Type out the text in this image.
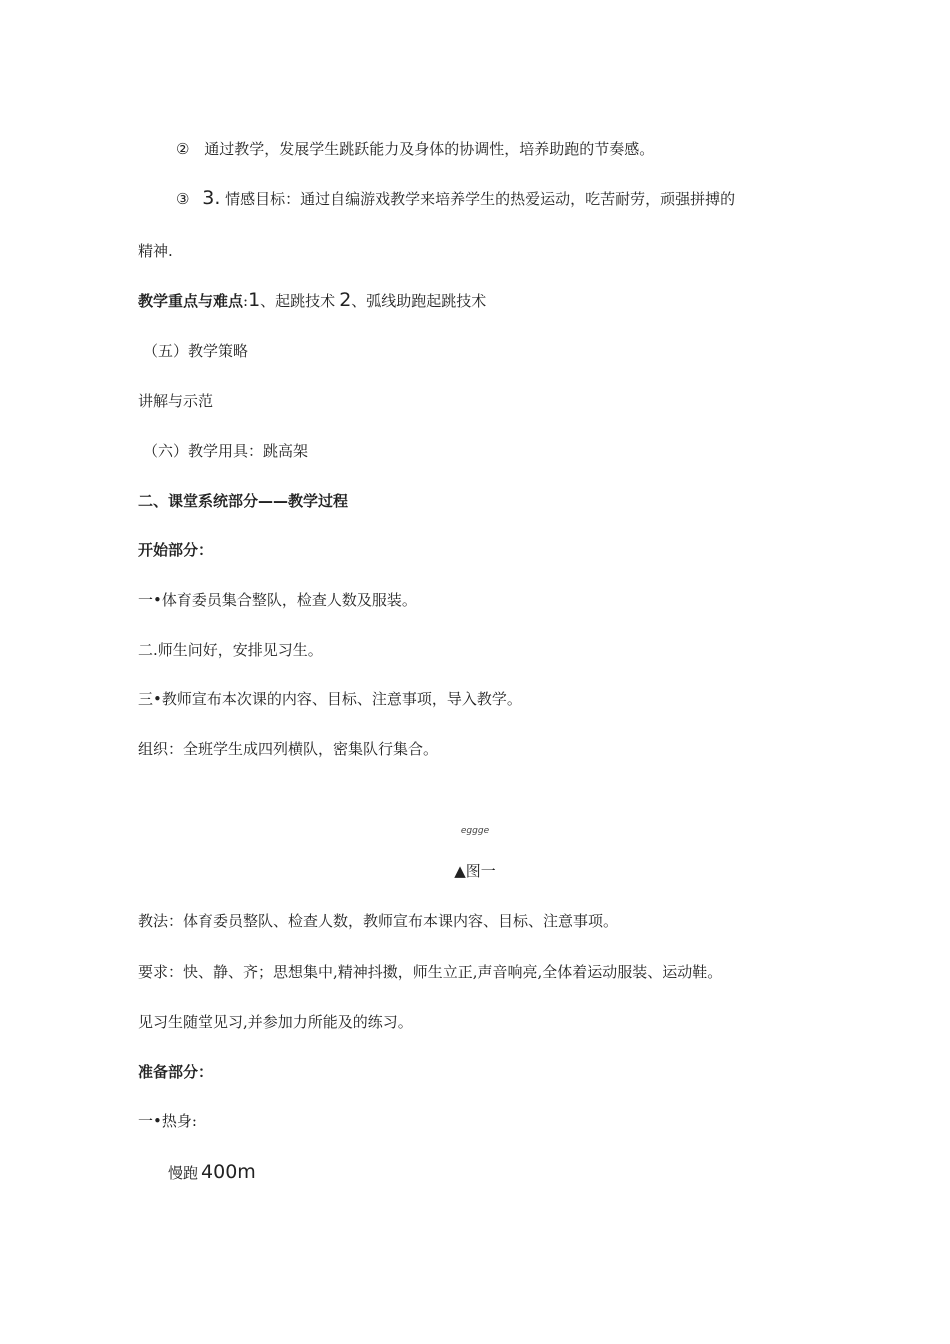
② 通过教学，发展学生跳跃能力及身体的协调性，培养助跑的节奏感。
③ 3. 情感目标：通过自编游戏教学来培养学生的热爱运动，吃苦耐劳，顽强拼搏的
精神.
教学重点与难点:1、起跳技术 2、弧线助跑起跳技术
（五）教学策略
讲解与示范
（六）教学用具：跳高架
二、课堂系统部分——教学过程
开始部分：
一•体育委员集合整队，检查人数及服装。
二.师生问好，安排见习生。
三•教师宣布本次课的内容、目标、注意事项，导入教学。
组织：全班学生成四列横队，密集队行集合。
eggge
▲图一
教法：体育委员整队、检查人数，教师宣布本课内容、目标、注意事项。
要求：快、静、齐；思想集中,精神抖擞，师生立正,声音响亮,全体着运动服装、运动鞋。
见习生随堂见习,并参加力所能及的练习。
准备部分：
一•热身:
慢跑 400m
